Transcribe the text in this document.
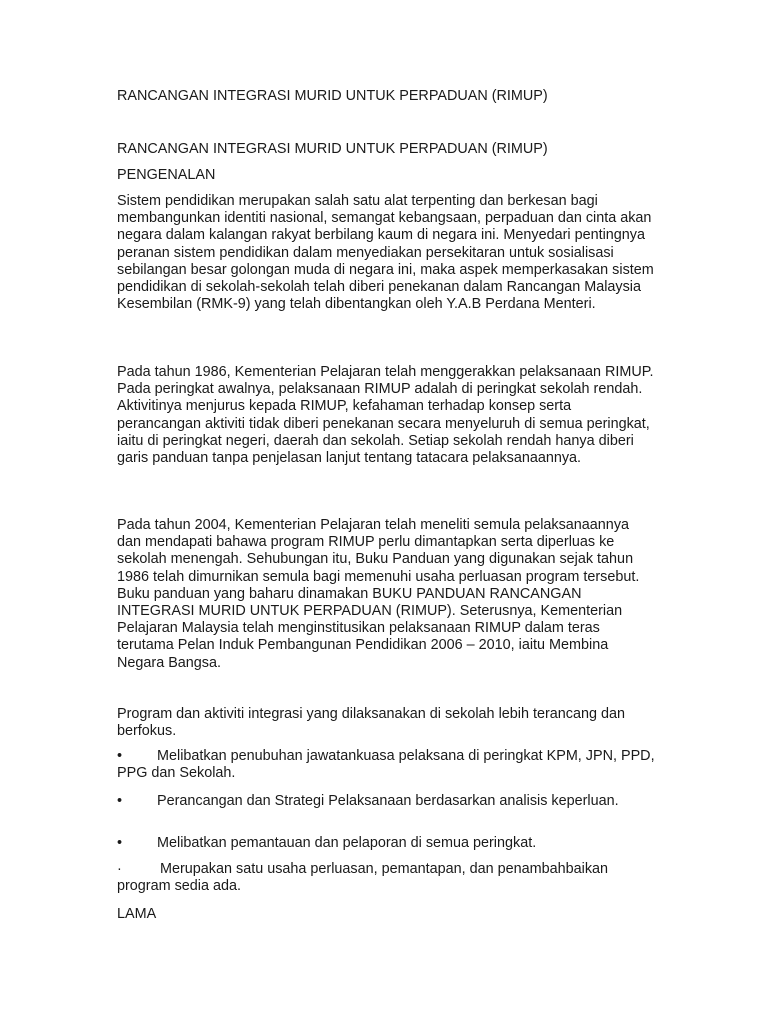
RANCANGAN INTEGRASI MURID UNTUK PERPADUAN (RIMUP)

RANCANGAN INTEGRASI MURID UNTUK PERPADUAN (RIMUP)

PENGENALAN

Sistem pendidikan merupakan salah satu alat terpenting dan berkesan bagi membangunkan identiti nasional, semangat kebangsaan, perpaduan dan cinta akan negara dalam kalangan rakyat berbilang kaum di negara ini. Menyedari pentingnya peranan sistem pendidikan dalam menyediakan persekitaran untuk sosialisasi sebilangan besar golongan muda di negara ini, maka aspek memperkasakan sistem pendidikan di sekolah-sekolah telah diberi penekanan dalam Rancangan Malaysia Kesembilan (RMK-9) yang telah dibentangkan oleh Y.A.B Perdana Menteri.

Pada tahun 1986, Kementerian Pelajaran telah menggerakkan pelaksanaan RIMUP. Pada peringkat awalnya, pelaksanaan RIMUP adalah di peringkat sekolah rendah. Aktivitinya menjurus kepada RIMUP, kefahaman terhadap konsep serta perancangan aktiviti tidak diberi penekanan secara menyeluruh di semua peringkat, iaitu di peringkat negeri, daerah dan sekolah. Setiap sekolah rendah hanya diberi garis panduan tanpa penjelasan lanjut tentang tatacara pelaksanaannya.

Pada tahun 2004, Kementerian Pelajaran telah meneliti semula pelaksanaannya dan mendapati bahawa program RIMUP perlu dimantapkan serta diperluas ke sekolah menengah. Sehubungan itu, Buku Panduan yang digunakan sejak tahun 1986 telah dimurnikan semula bagi memenuhi usaha perluasan program tersebut. Buku panduan yang baharu dinamakan BUKU PANDUAN RANCANGAN INTEGRASI MURID UNTUK PERPADUAN (RIMUP). Seterusnya, Kementerian Pelajaran Malaysia telah menginstitusikan pelaksanaan RIMUP dalam teras terutama Pelan Induk Pembangunan Pendidikan 2006 – 2010, iaitu Membina Negara Bangsa.

Program dan aktiviti integrasi yang dilaksanakan di sekolah lebih terancang dan berfokus.

• Melibatkan penubuhan jawatankuasa pelaksana di peringkat KPM, JPN, PPD, PPG dan Sekolah.

• Perancangan dan Strategi Pelaksanaan berdasarkan analisis keperluan.

• Melibatkan pemantauan dan pelaporan di semua peringkat.

·	Merupakan satu usaha perluasan, pemantapan, dan penambahbaikan program sedia ada.

LAMA
